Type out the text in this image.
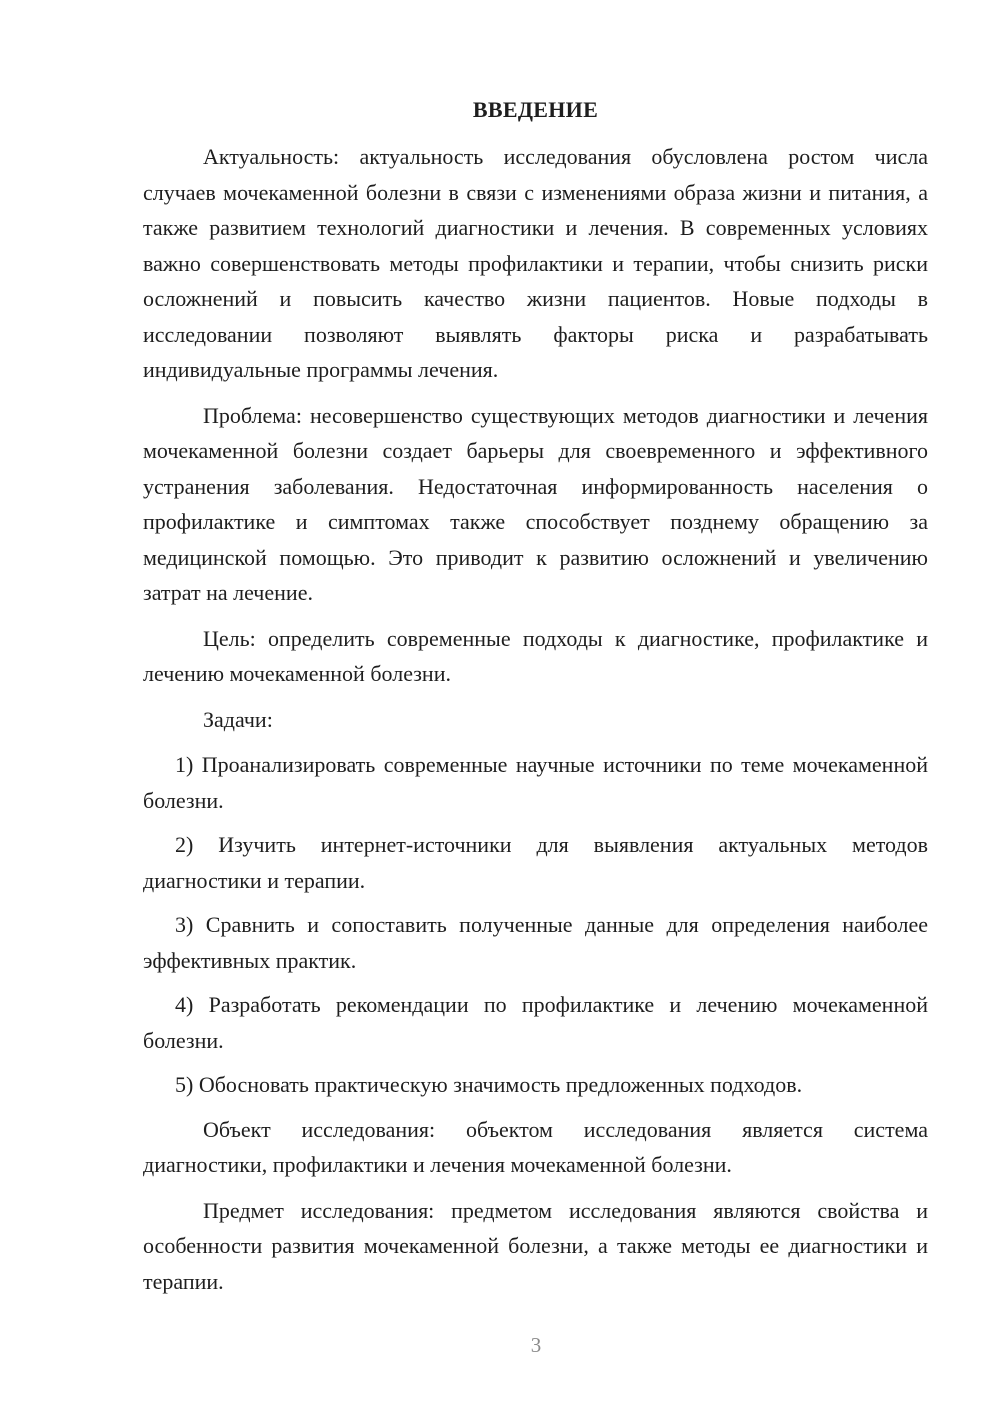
ВВЕДЕНИЕ

Актуальность: актуальность исследования обусловлена ростом числа случаев мочекаменной болезни в связи с изменениями образа жизни и питания, а также развитием технологий диагностики и лечения. В современных условиях важно совершенствовать методы профилактики и терапии, чтобы снизить риски осложнений и повысить качество жизни пациентов. Новые подходы в исследовании позволяют выявлять факторы риска и разрабатывать индивидуальные программы лечения.

Проблема: несовершенство существующих методов диагностики и лечения мочекаменной болезни создает барьеры для своевременного и эффективного устранения заболевания. Недостаточная информированность населения о профилактике и симптомах также способствует позднему обращению за медицинской помощью. Это приводит к развитию осложнений и увеличению затрат на лечение.

Цель: определить современные подходы к диагностике, профилактике и лечению мочекаменной болезни.

Задачи:

1) Проанализировать современные научные источники по теме мочекаменной болезни.

2) Изучить интернет-источники для выявления актуальных методов диагностики и терапии.

3) Сравнить и сопоставить полученные данные для определения наиболее эффективных практик.

4) Разработать рекомендации по профилактике и лечению мочекаменной болезни.

5) Обосновать практическую значимость предложенных подходов.

Объект исследования: объектом исследования является система диагностики, профилактики и лечения мочекаменной болезни.

Предмет исследования: предметом исследования являются свойства и особенности развития мочекаменной болезни, а также методы ее диагностики и терапии.

3
